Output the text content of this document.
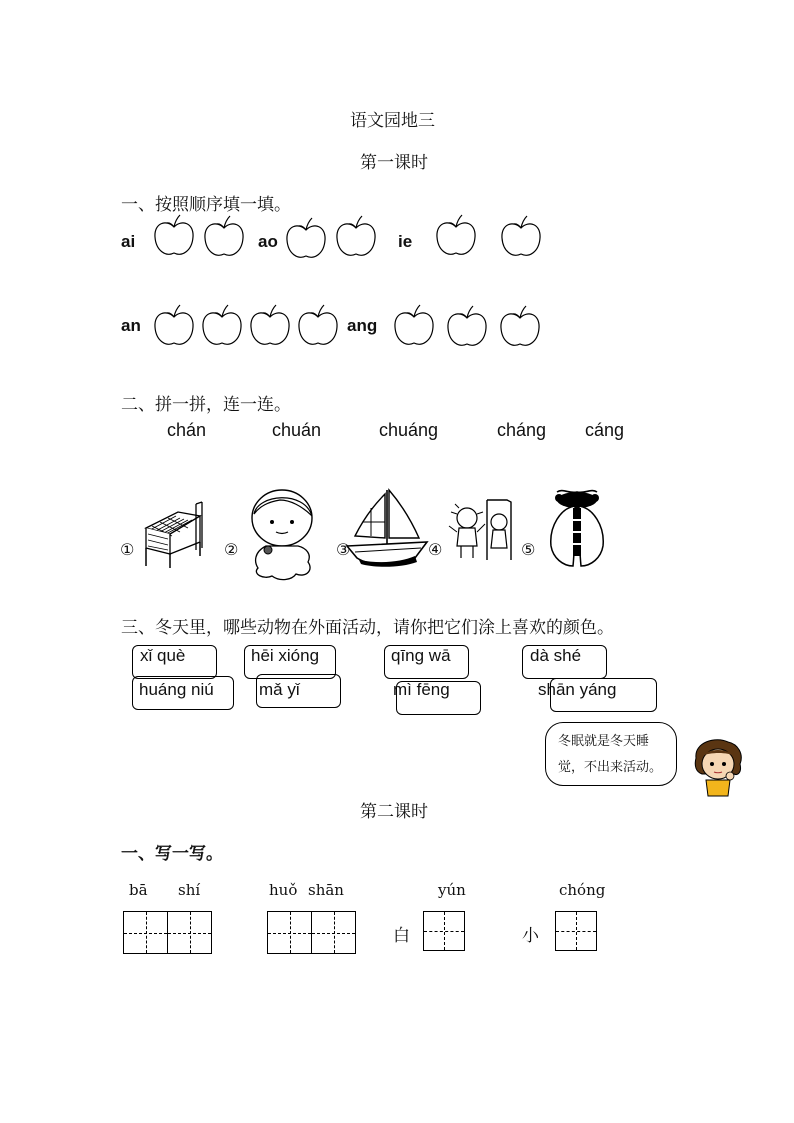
语文园地三
第一课时
一、按照顺序填一填。
ai	ao	ie
an	ang
二、拼一拼，连一连。
chán	chuán	chuáng	cháng cáng
①	②	③	④	⑤
三、冬天里，哪些动物在外面活动，请你把它们涂上喜欢的颜色。
xǐ què	hēi xióng	qīng wā	dà shé
huáng niú	mǎ yǐ	mì fēng	shān yáng
冬眠就是冬天睡觉，不出来活动。
第二课时
一、写一写。
bā shí	huǒ shān	yún
白
chóng
小
